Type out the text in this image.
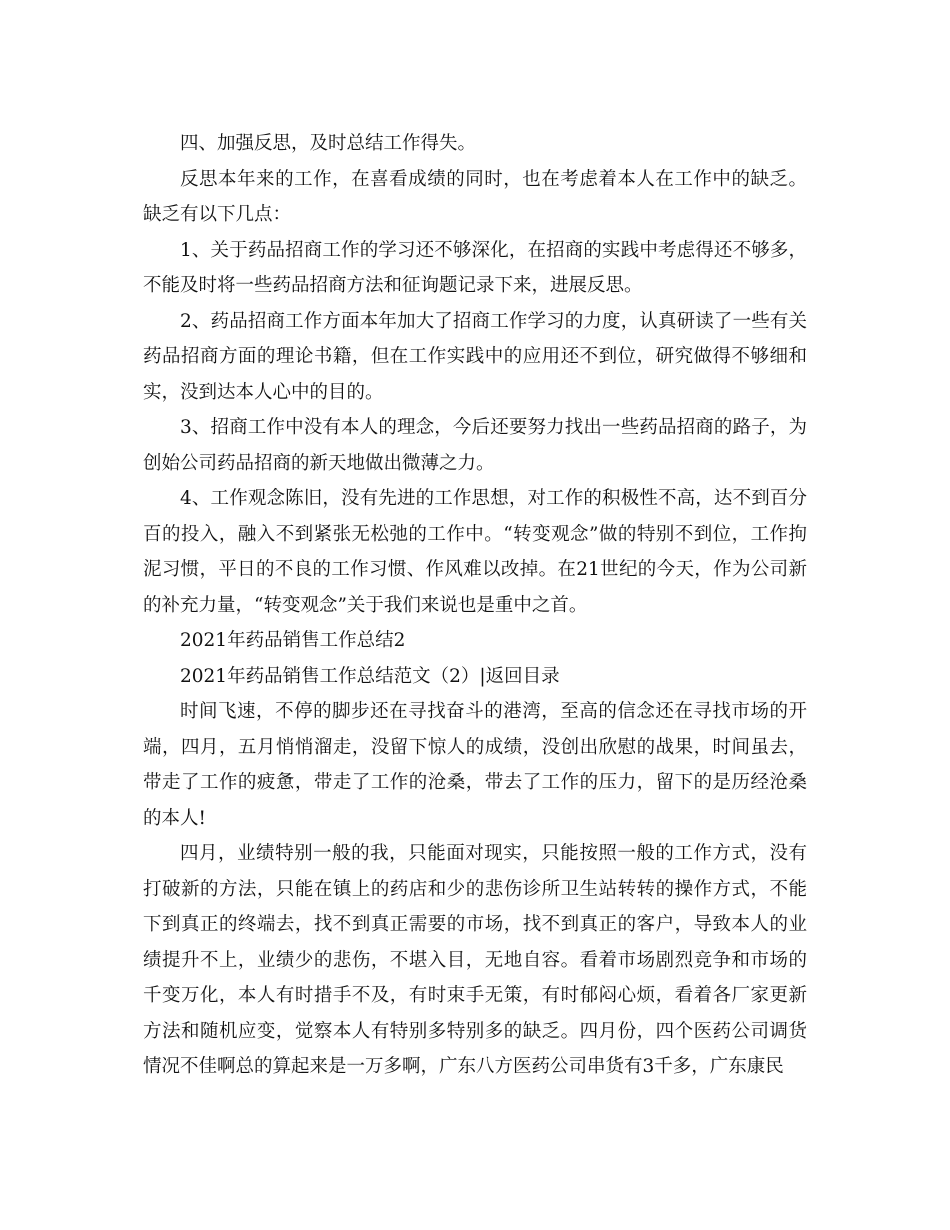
四、加强反思，及时总结工作得失。

反思本年来的工作，在喜看成绩的同时，也在考虑着本人在工作中的缺乏。缺乏有以下几点：

1、关于药品招商工作的学习还不够深化，在招商的实践中考虑得还不够多，不能及时将一些药品招商方法和征询题记录下来，进展反思。

2、药品招商工作方面本年加大了招商工作学习的力度，认真研读了一些有关药品招商方面的理论书籍，但在工作实践中的应用还不到位，研究做得不够细和实，没到达本人心中的目的。

3、招商工作中没有本人的理念，今后还要努力找出一些药品招商的路子，为创始公司药品招商的新天地做出微薄之力。

4、工作观念陈旧，没有先进的工作思想，对工作的积极性不高，达不到百分百的投入，融入不到紧张无松弛的工作中。“转变观念”做的特别不到位，工作拘泥习惯，平日的不良的工作习惯、作风难以改掉。在21世纪的今天，作为公司新的补充力量，“转变观念”关于我们来说也是重中之首。

2021年药品销售工作总结2

2021年药品销售工作总结范文（2）|返回目录

时间飞速，不停的脚步还在寻找奋斗的港湾，至高的信念还在寻找市场的开端，四月，五月悄悄溜走，没留下惊人的成绩，没创出欣慰的战果，时间虽去，带走了工作的疲惫，带走了工作的沧桑，带去了工作的压力，留下的是历经沧桑的本人!

四月，业绩特别一般的我，只能面对现实，只能按照一般的工作方式，没有打破新的方法，只能在镇上的药店和少的悲伤诊所卫生站转转的操作方式，不能下到真正的终端去，找不到真正需要的市场，找不到真正的客户，导致本人的业绩提升不上，业绩少的悲伤，不堪入目，无地自容。看着市场剧烈竞争和市场的千变万化，本人有时措手不及，有时束手无策，有时郁闷心烦，看着各厂家更新方法和随机应变，觉察本人有特别多特别多的缺乏。四月份，四个医药公司调货情况不佳啊总的算起来是一万多啊，广东八方医药公司串货有3千多，广东康民
